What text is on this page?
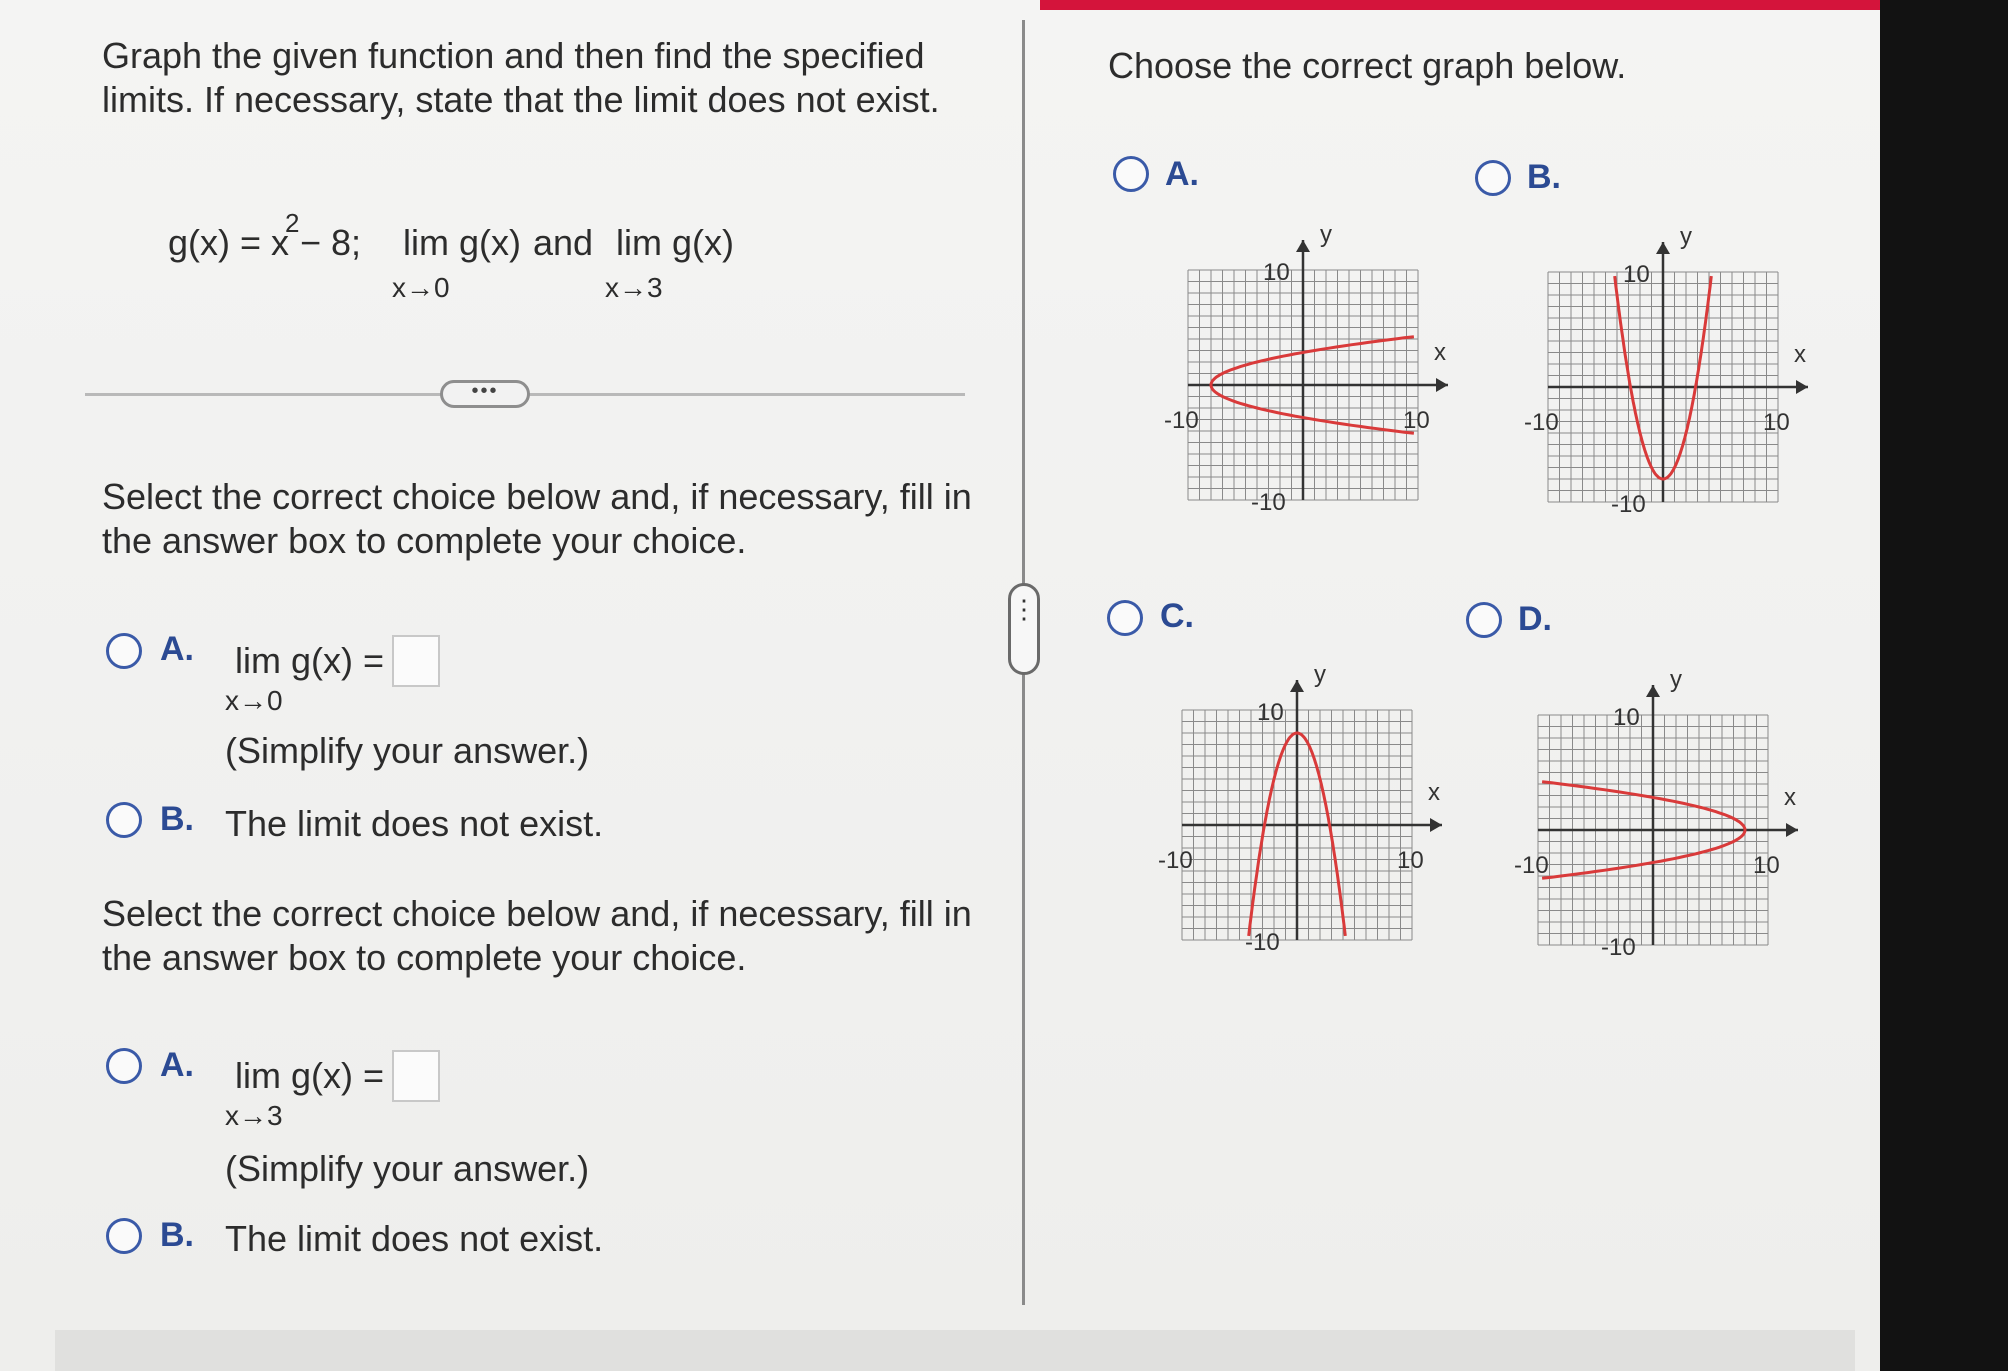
Graph the given function and then find the specified limits. If necessary, state that the limit does not exist.
g(x) = x
2 − 8; lim g(x) and lim g(x)
x→0	x→3
•••
Select the correct choice below and, if necessary, fill in the answer box to complete your choice.
A. lim g(x) =
x→0
(Simplify your answer.)
B. The limit does not exist.
Select the correct choice below and, if necessary, fill in the answer box to complete your choice.
A. lim g(x) =
x→3
(Simplify your answer.)
B. The limit does not exist.
⋮
Choose the correct graph below.
A.	B.
C.	D.
y
x
10
10
-10
-10
y
x
10
10
-10
-10
y
x
10
10
-10
-10
y
x
10
10
-10
-10
